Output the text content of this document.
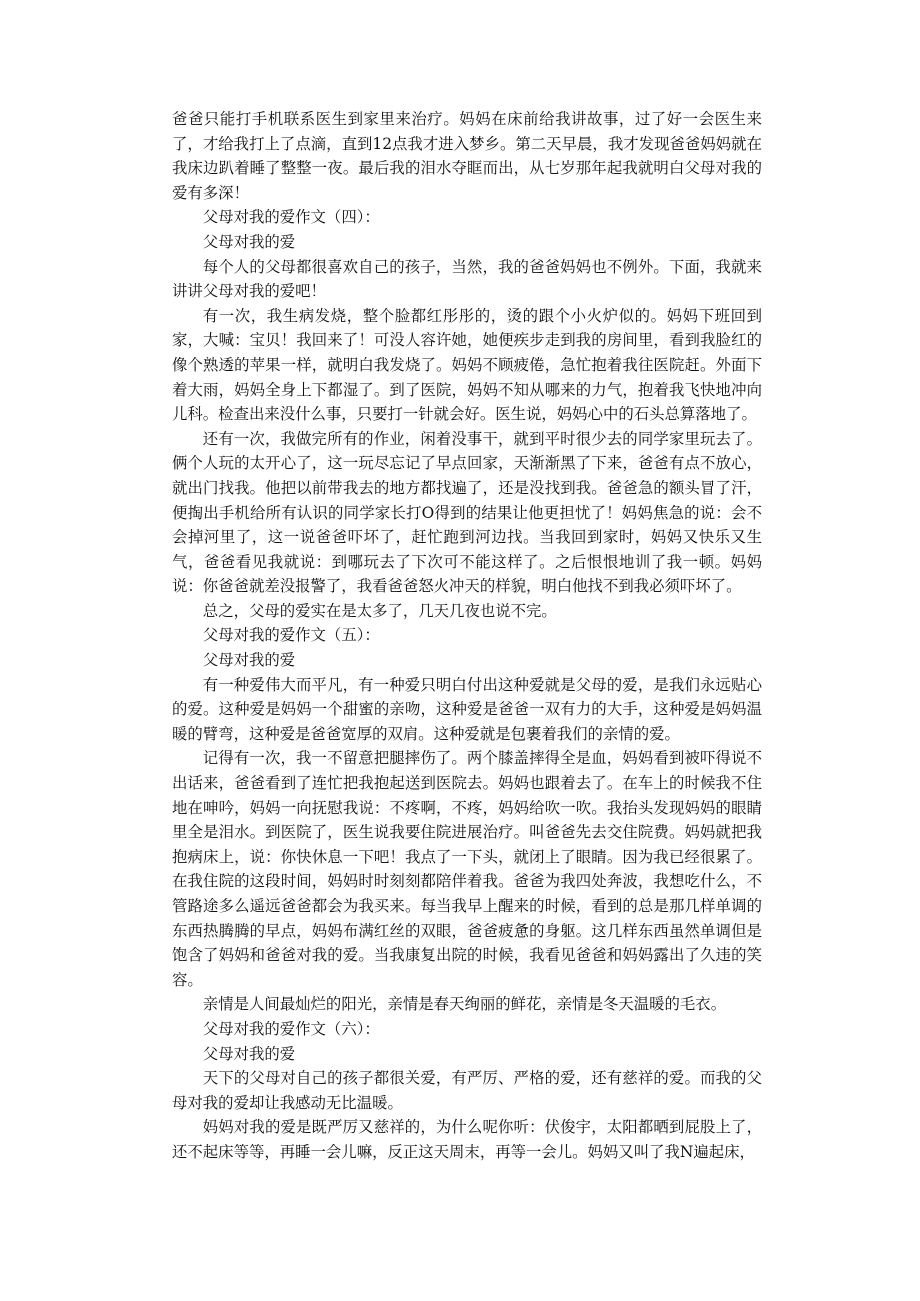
爸爸只能打手机联系医生到家里来治疗。妈妈在床前给我讲故事，过了好一会医生来了，才给我打上了点滴，直到12点我才进入梦乡。第二天早晨，我才发现爸爸妈妈就在我床边趴着睡了整整一夜。最后我的泪水夺眶而出，从七岁那年起我就明白父母对我的爱有多深！

父母对我的爱作文（四）：

父母对我的爱

每个人的父母都很喜欢自己的孩子，当然，我的爸爸妈妈也不例外。下面，我就来讲讲父母对我的爱吧！

有一次，我生病发烧，整个脸都红彤彤的，烫的跟个小火炉似的。妈妈下班回到家，大喊：宝贝！我回来了！可没人容许她，她便疾步走到我的房间里，看到我脸红的像个熟透的苹果一样，就明白我发烧了。妈妈不顾疲倦，急忙抱着我往医院赶。外面下着大雨，妈妈全身上下都湿了。到了医院，妈妈不知从哪来的力气，抱着我飞快地冲向儿科。检查出来没什么事，只要打一针就会好。医生说，妈妈心中的石头总算落地了。

还有一次，我做完所有的作业，闲着没事干，就到平时很少去的同学家里玩去了。俩个人玩的太开心了，这一玩尽忘记了早点回家，天渐渐黑了下来，爸爸有点不放心，就出门找我。他把以前带我去的地方都找遍了，还是没找到我。爸爸急的额头冒了汗，便掏出手机给所有认识的同学家长打O得到的结果让他更担忧了！妈妈焦急的说：会不会掉河里了，这一说爸爸吓坏了，赶忙跑到河边找。当我回到家时，妈妈又快乐又生气，爸爸看见我就说：到哪玩去了下次可不能这样了。之后恨恨地训了我一顿。妈妈说：你爸爸就差没报警了，我看爸爸怒火冲天的样貌，明白他找不到我必须吓坏了。

总之，父母的爱实在是太多了，几天几夜也说不完。

父母对我的爱作文（五）：

父母对我的爱

有一种爱伟大而平凡，有一种爱只明白付出这种爱就是父母的爱，是我们永远贴心的爱。这种爱是妈妈一个甜蜜的亲吻，这种爱是爸爸一双有力的大手，这种爱是妈妈温暖的臂弯，这种爱是爸爸宽厚的双肩。这种爱就是包裹着我们的亲情的爱。

记得有一次，我一不留意把腿摔伤了。两个膝盖摔得全是血，妈妈看到被吓得说不出话来，爸爸看到了连忙把我抱起送到医院去。妈妈也跟着去了。在车上的时候我不住地在呻吟，妈妈一向抚慰我说：不疼啊，不疼，妈妈给吹一吹。我抬头发现妈妈的眼睛里全是泪水。到医院了，医生说我要住院进展治疗。叫爸爸先去交住院费。妈妈就把我抱病床上，说：你快休息一下吧！我点了一下头，就闭上了眼睛。因为我已经很累了。在我住院的这段时间，妈妈时时刻刻都陪伴着我。爸爸为我四处奔波，我想吃什么，不管路途多么遥远爸爸都会为我买来。每当我早上醒来的时候，看到的总是那几样单调的东西热腾腾的早点，妈妈布满红丝的双眼，爸爸疲惫的身躯。这几样东西虽然单调但是饱含了妈妈和爸爸对我的爱。当我康复出院的时候，我看见爸爸和妈妈露出了久违的笑容。

亲情是人间最灿烂的阳光，亲情是春天绚丽的鲜花，亲情是冬天温暖的毛衣。

父母对我的爱作文（六）：

父母对我的爱

天下的父母对自己的孩子都很关爱，有严厉、严格的爱，还有慈祥的爱。而我的父母对我的爱却让我感动无比温暖。

妈妈对我的爱是既严厉又慈祥的，为什么呢你听：伏俊宇，太阳都晒到屁股上了，还不起床等等，再睡一会儿嘛，反正这天周末，再等一会儿。妈妈又叫了我N遍起床，
